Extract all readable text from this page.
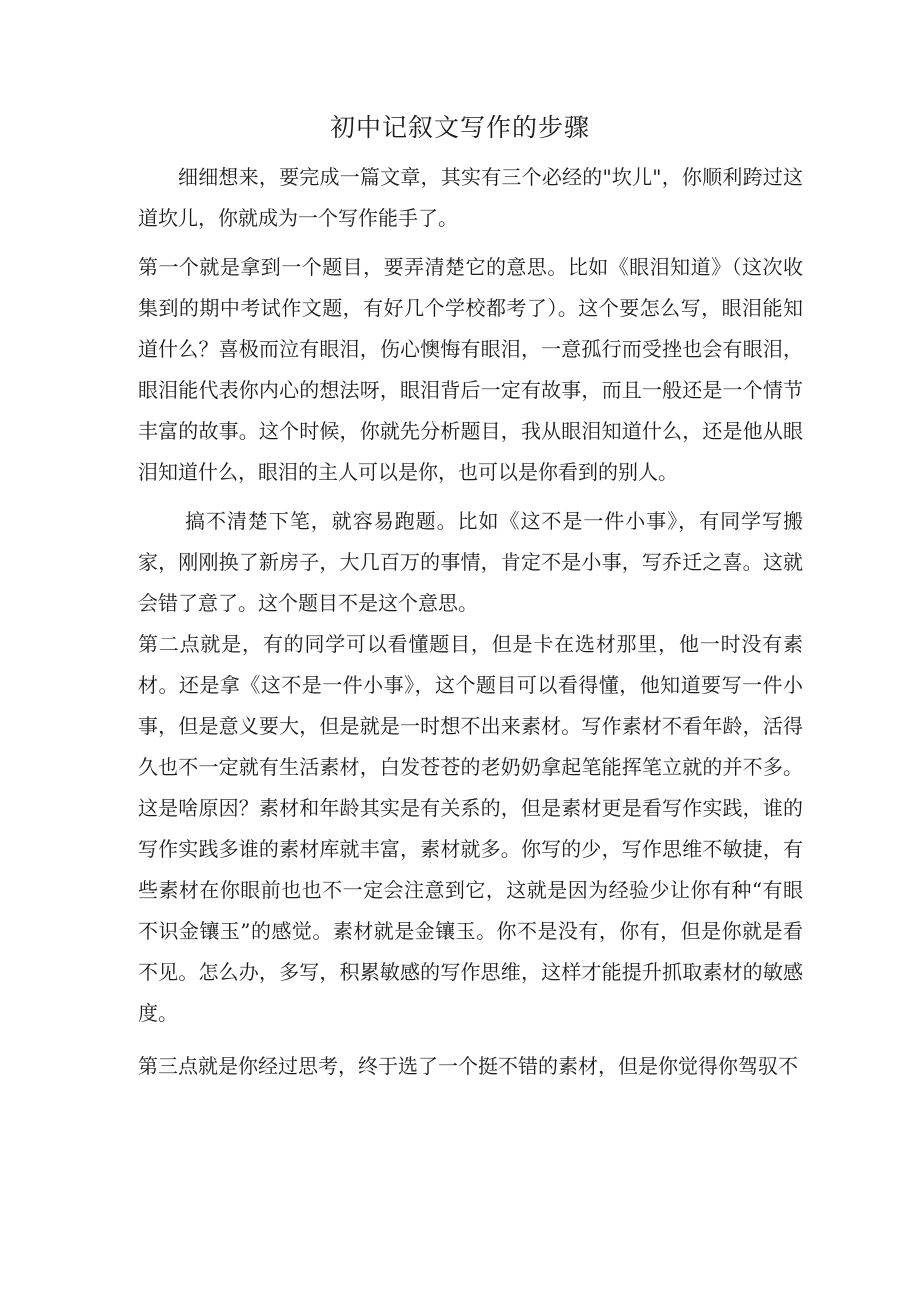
初中记叙文写作的步骤

细细想来，要完成一篇文章，其实有三个必经的"坎儿"，你顺利跨过这道坎儿，你就成为一个写作能手了。

第一个就是拿到一个题目，要弄清楚它的意思。比如《眼泪知道》（这次收集到的期中考试作文题，有好几个学校都考了）。这个要怎么写，眼泪能知道什么？喜极而泣有眼泪，伤心懊悔有眼泪，一意孤行而受挫也会有眼泪，眼泪能代表你内心的想法呀，眼泪背后一定有故事，而且一般还是一个情节丰富的故事。这个时候，你就先分析题目，我从眼泪知道什么，还是他从眼泪知道什么，眼泪的主人可以是你，也可以是你看到的别人。

搞不清楚下笔，就容易跑题。比如《这不是一件小事》，有同学写搬家，刚刚换了新房子，大几百万的事情，肯定不是小事，写乔迁之喜。这就会错了意了。这个题目不是这个意思。

第二点就是，有的同学可以看懂题目，但是卡在选材那里，他一时没有素材。还是拿《这不是一件小事》，这个题目可以看得懂，他知道要写一件小事，但是意义要大，但是就是一时想不出来素材。写作素材不看年龄，活得久也不一定就有生活素材，白发苍苍的老奶奶拿起笔能挥笔立就的并不多。这是啥原因？素材和年龄其实是有关系的，但是素材更是看写作实践，谁的写作实践多谁的素材库就丰富，素材就多。你写的少，写作思维不敏捷，有些素材在你眼前也也不一定会注意到它，这就是因为经验少让你有种“有眼不识金镶玉”的感觉。素材就是金镶玉。你不是没有，你有，但是你就是看不见。怎么办，多写，积累敏感的写作思维，这样才能提升抓取素材的敏感度。

第三点就是你经过思考，终于选了一个挺不错的素材，但是你觉得你驾驭不
